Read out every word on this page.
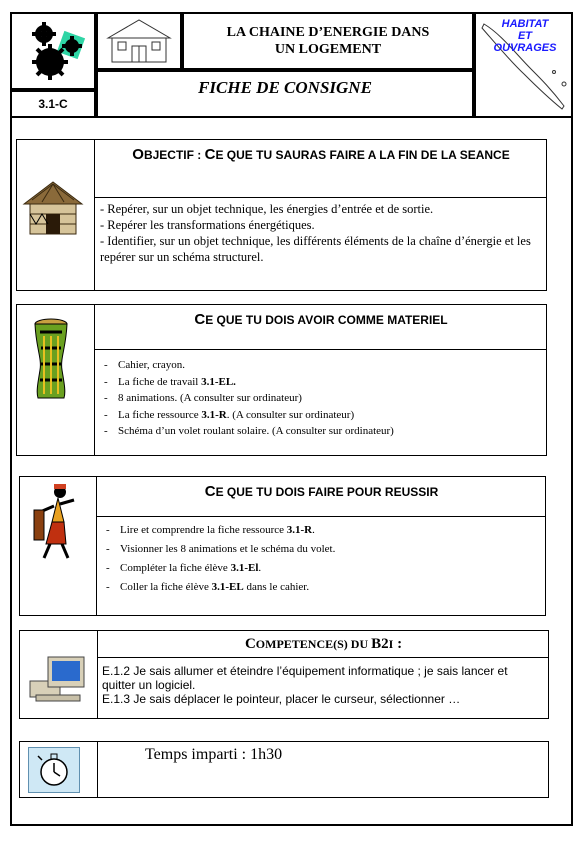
3.1-C
LA CHAINE D’ENERGIE DANS
UN LOGEMENT
FICHE DE CONSIGNE
HABITAT
ET
OUVRAGES
OBJECTIF : CE QUE TU SAURAS FAIRE A LA FIN DE LA SEANCE
- Repérer, sur un objet technique, les énergies d’entrée et de sortie.
- Repérer les transformations énergétiques.
- Identifier, sur un objet technique, les différents éléments de la chaîne d’énergie et les repérer sur un schéma structurel.
CE QUE TU DOIS AVOIR COMME MATERIEL
- Cahier, crayon.
- La fiche de travail 3.1-EL.
- 8 animations. (A consulter sur ordinateur)
- La fiche ressource 3.1-R. (A consulter sur ordinateur)
- Schéma d’un volet roulant solaire. (A consulter sur ordinateur)
CE QUE TU DOIS FAIRE POUR REUSSIR
- Lire et comprendre la fiche ressource 3.1-R.
- Visionner les 8 animations et le schéma du volet.
- Compléter la fiche élève 3.1-El.
- Coller la fiche élève 3.1-EL dans le cahier.
COMPETENCE(S) DU B2I :
E.1.2 Je sais allumer et éteindre l’équipement informatique ; je sais lancer et quitter un logiciel.
E.1.3 Je sais déplacer le pointeur, placer le curseur, sélectionner …
Temps imparti : 1h30
